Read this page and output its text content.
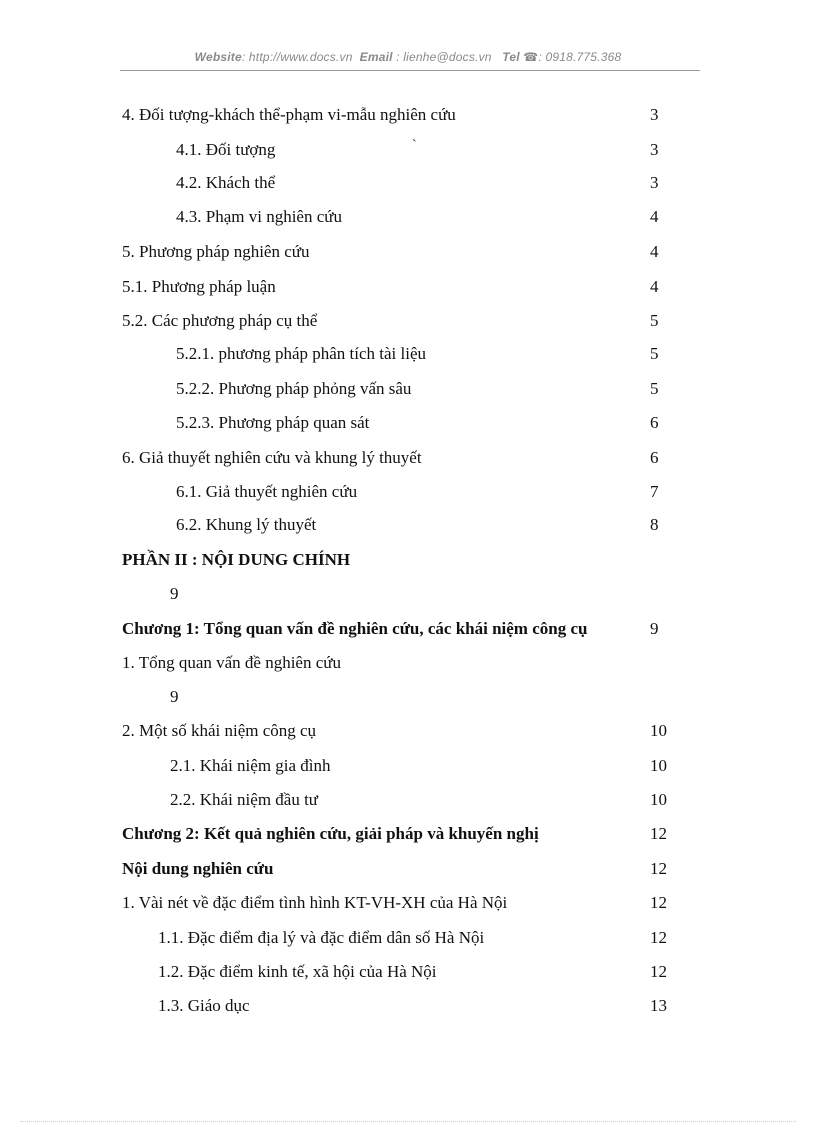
Website: http://www.docs.vn Email : lienhe@docs.vn Tel ☎: 0918.775.368
`
4. Đối tượng-khách thể-phạm vi-mẫu nghiên cứu	3
4.1. Đối tượng	3
4.2. Khách thể	3
4.3. Phạm vi nghiên cứu	4
5. Phương pháp nghiên cứu	4
5.1. Phương pháp luận	4
5.2. Các phương pháp cụ thể	5
5.2.1. phương pháp phân tích tài liệu	5
5.2.2. Phương pháp phỏng vấn sâu	5
5.2.3. Phương pháp quan sát	6
6. Giả thuyết nghiên cứu và khung lý thuyết	6
6.1. Giả thuyết nghiên cứu	7
6.2. Khung lý thuyết	8
PHẦN II : NỘI DUNG CHÍNH
9
Chương 1: Tổng quan vấn đề nghiên cứu, các khái niệm công cụ	9
1. Tổng quan vấn đề nghiên cứu
9
2. Một số khái niệm công cụ	10
2.1. Khái niệm gia đình	10
2.2. Khái niệm đầu tư	10
Chương 2: Kết quả nghiên cứu, giải pháp và khuyến nghị	12
Nội dung nghiên cứu	12
1. Vài nét về đặc điểm tình hình KT-VH-XH của Hà Nội	12
1.1. Đặc điểm địa lý và đặc điểm dân số Hà Nội	12
1.2. Đặc điểm kinh tế, xã hội của Hà Nội	12
1.3. Giáo dục	13
